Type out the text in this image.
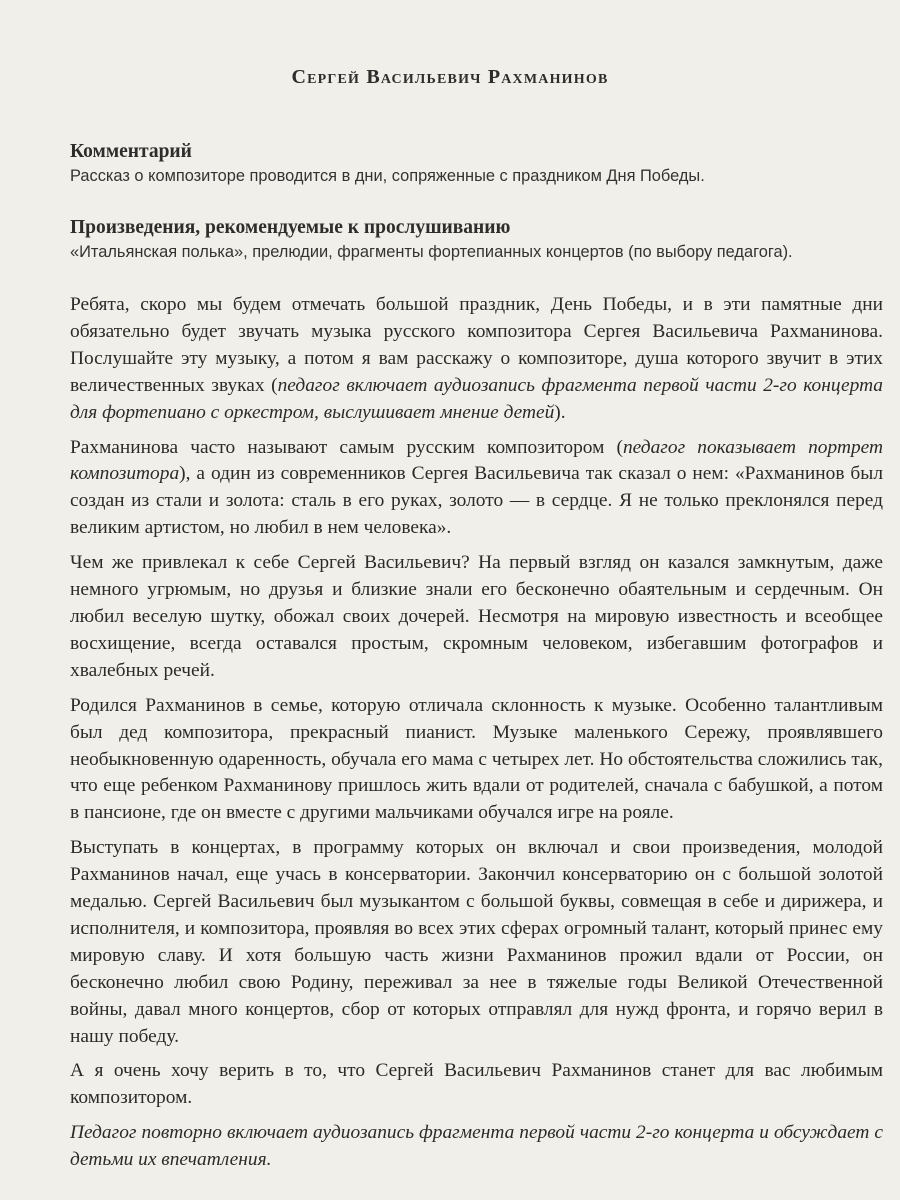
Сергей Васильевич Рахманинов
Комментарий
Рассказ о композиторе проводится в дни, сопряженные с праздником Дня Победы.
Произведения, рекомендуемые к прослушиванию
«Итальянская полька», прелюдии, фрагменты фортепианных концертов (по выбору педагога).

Ребята, скоро мы будем отмечать большой праздник, День Победы, и в эти памятные дни обязательно будет звучать музыка русского композитора Сергея Васильевича Рахманинова. Послушайте эту музыку, а потом я вам расскажу о композиторе, душа которого звучит в этих величественных звуках (педагог включает аудиозапись фрагмента первой части 2-го концерта для фортепиано с оркестром, выслушивает мнение детей).

Рахманинова часто называют самым русским композитором (педагог показывает портрет композитора), а один из современников Сергея Васильевича так сказал о нем: «Рахманинов был создан из стали и золота: сталь в его руках, золото — в сердце. Я не только преклонялся перед великим артистом, но любил в нем человека».

Чем же привлекал к себе Сергей Васильевич? На первый взгляд он казался замкнутым, даже немного угрюмым, но друзья и близкие знали его бесконечно обаятельным и сердечным. Он любил веселую шутку, обожал своих дочерей. Несмотря на мировую известность и всеобщее восхищение, всегда оставался простым, скромным человеком, избегавшим фотографов и хвалебных речей.

Родился Рахманинов в семье, которую отличала склонность к музыке. Особенно талантливым был дед композитора, прекрасный пианист. Музыке маленького Сережу, проявлявшего необыкновенную одаренность, обучала его мама с четырех лет. Но обстоятельства сложились так, что еще ребенком Рахманинову пришлось жить вдали от родителей, сначала с бабушкой, а потом в пансионе, где он вместе с другими мальчиками обучался игре на рояле.

Выступать в концертах, в программу которых он включал и свои произведения, молодой Рахманинов начал, еще учась в консерватории. Закончил консерваторию он с большой золотой медалью. Сергей Васильевич был музыкантом с большой буквы, совмещая в себе и дирижера, и исполнителя, и композитора, проявляя во всех этих сферах огромный талант, который принес ему мировую славу. И хотя большую часть жизни Рахманинов прожил вдали от России, он бесконечно любил свою Родину, переживал за нее в тяжелые годы Великой Отечественной войны, давал много концертов, сбор от которых отправлял для нужд фронта, и горячо верил в нашу победу.

А я очень хочу верить в то, что Сергей Васильевич Рахманинов станет для вас любимым композитором.

Педагог повторно включает аудиозапись фрагмента первой части 2-го концерта и обсуждает с детьми их впечатления.
